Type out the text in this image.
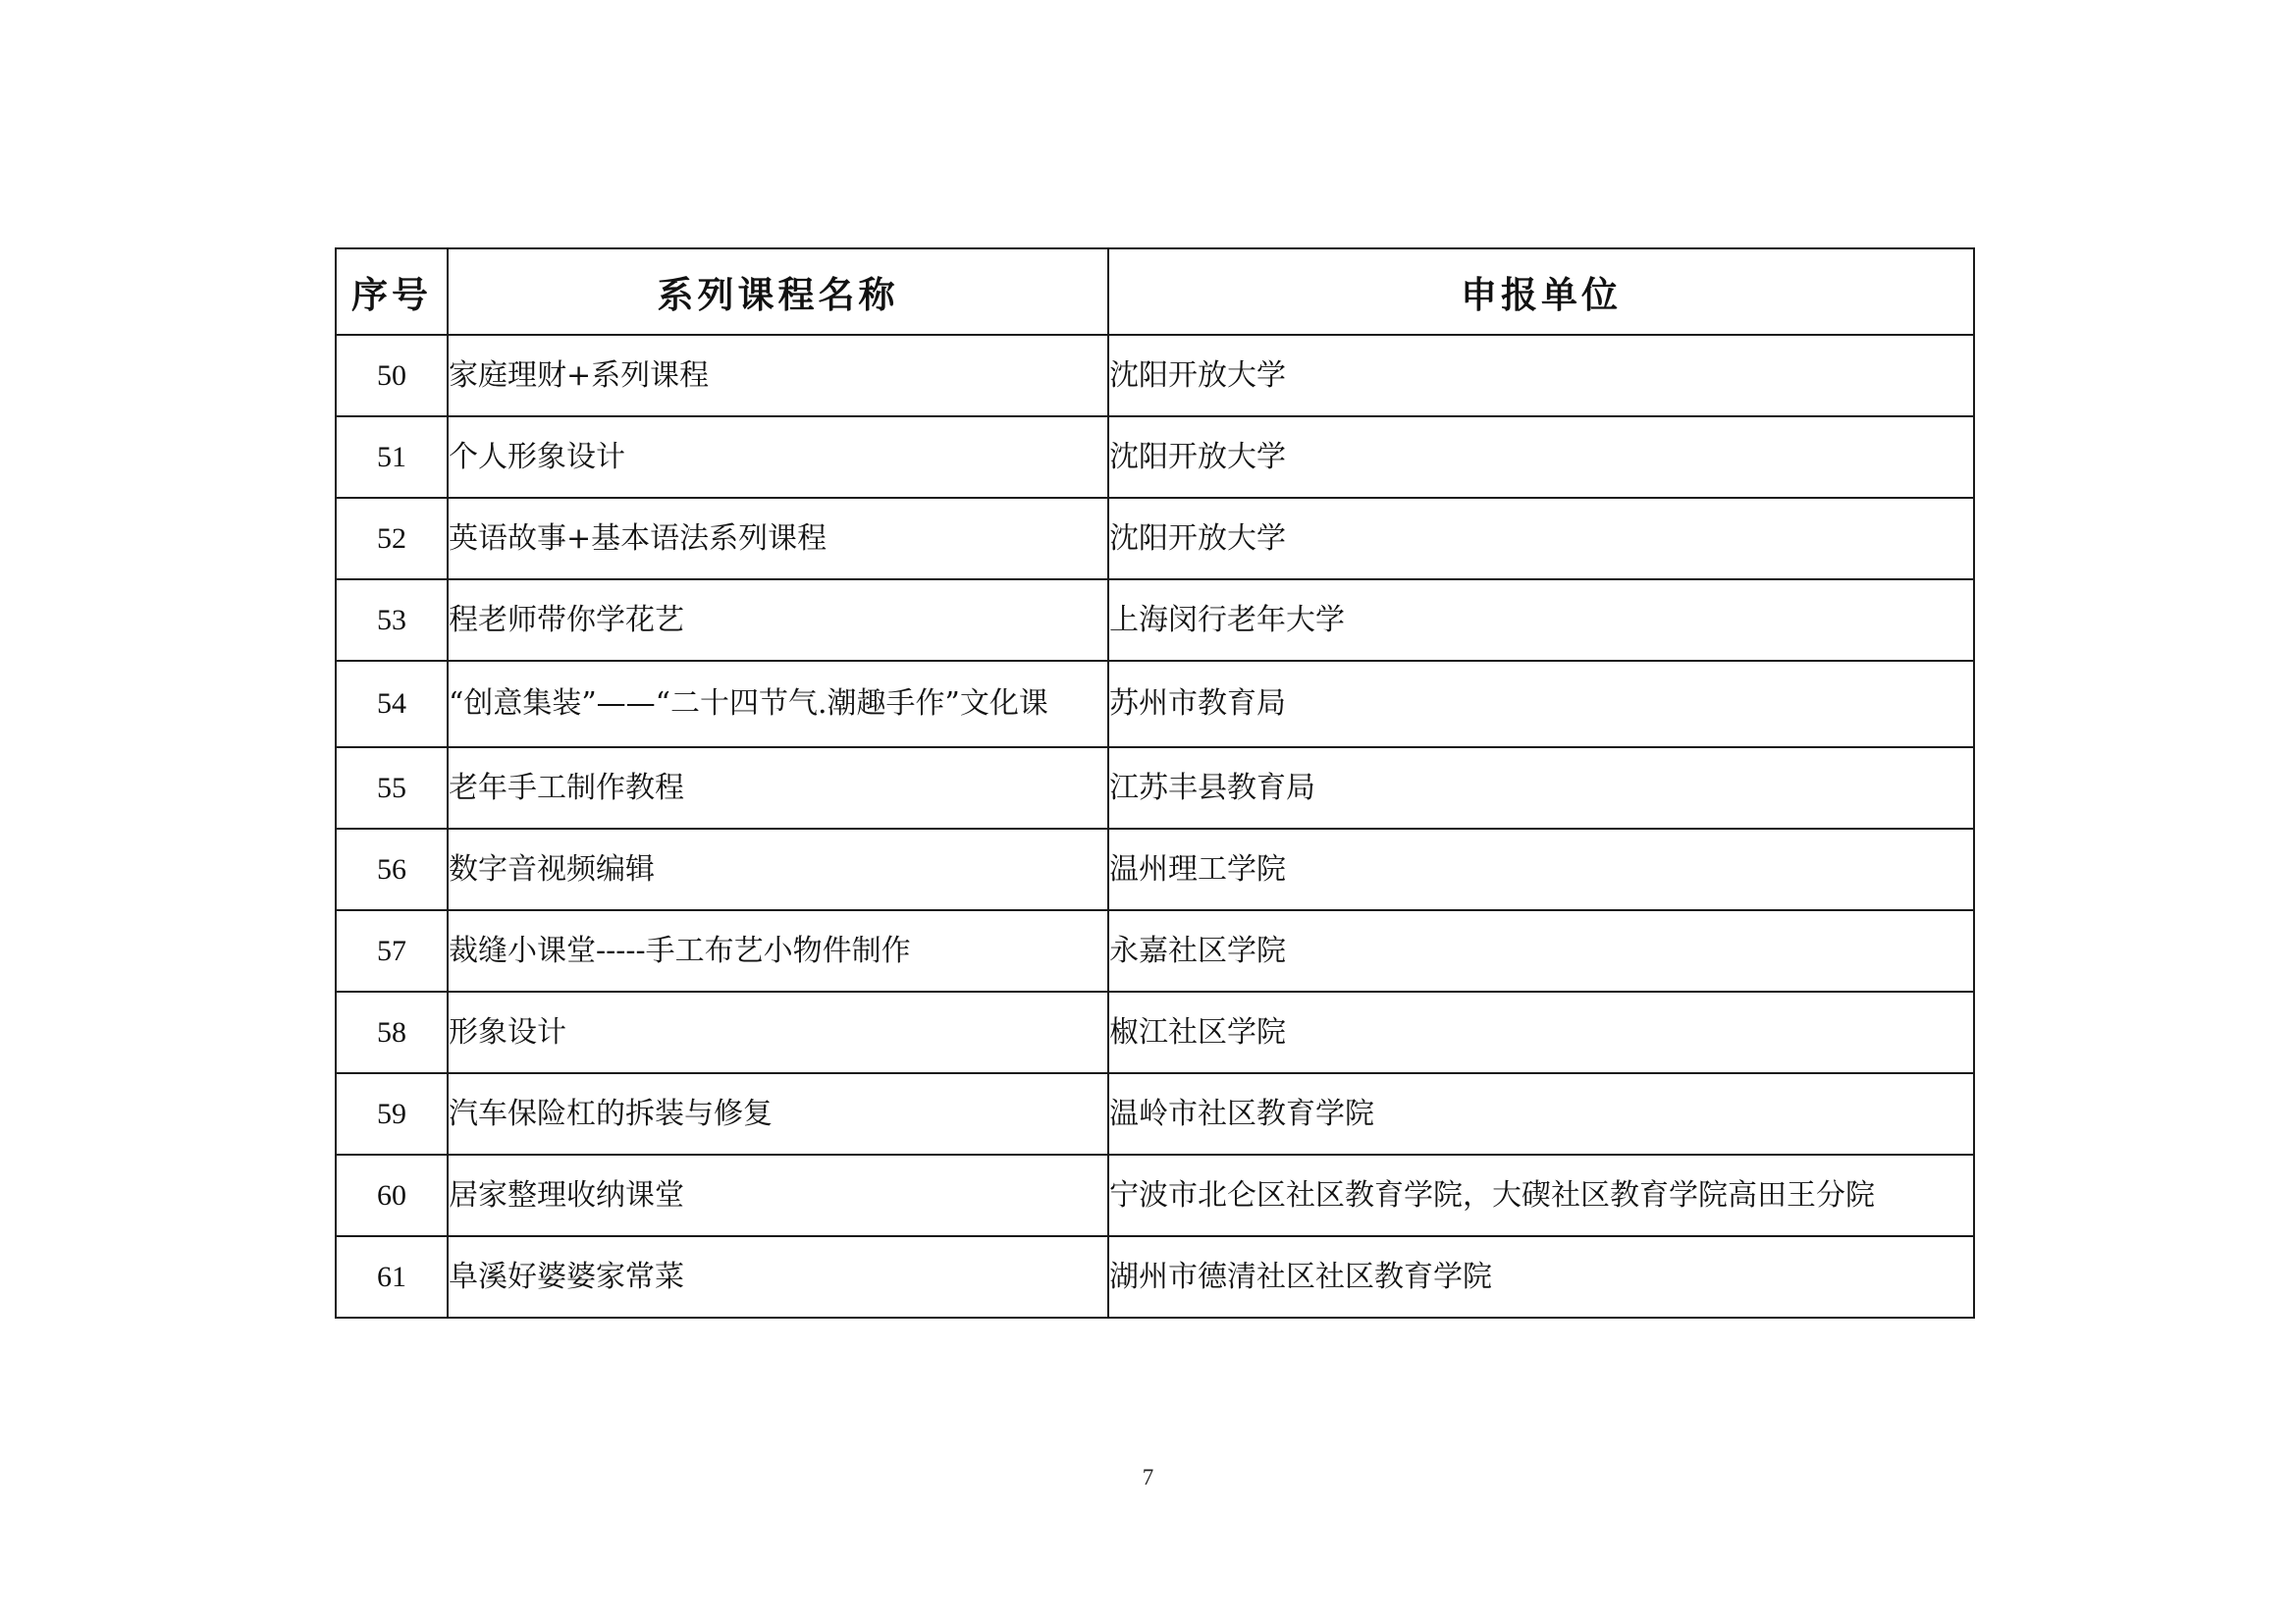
序号	系列课程名称	申报单位
50	家庭理财+系列课程	沈阳开放大学
51	个人形象设计	沈阳开放大学
52	英语故事+基本语法系列课程	沈阳开放大学
53	程老师带你学花艺	上海闵行老年大学
54	“创意集装”——“二十四节气.潮趣手作”文化课	苏州市教育局
55	老年手工制作教程	江苏丰县教育局
56	数字音视频编辑	温州理工学院
57	裁缝小课堂-----手工布艺小物件制作	永嘉社区学院
58	形象设计	椒江社区学院
59	汽车保险杠的拆装与修复	温岭市社区教育学院
60	居家整理收纳课堂	宁波市北仑区社区教育学院，大碶社区教育学院高田王分院
61	阜溪好婆婆家常菜	湖州市德清社区社区教育学院
7
